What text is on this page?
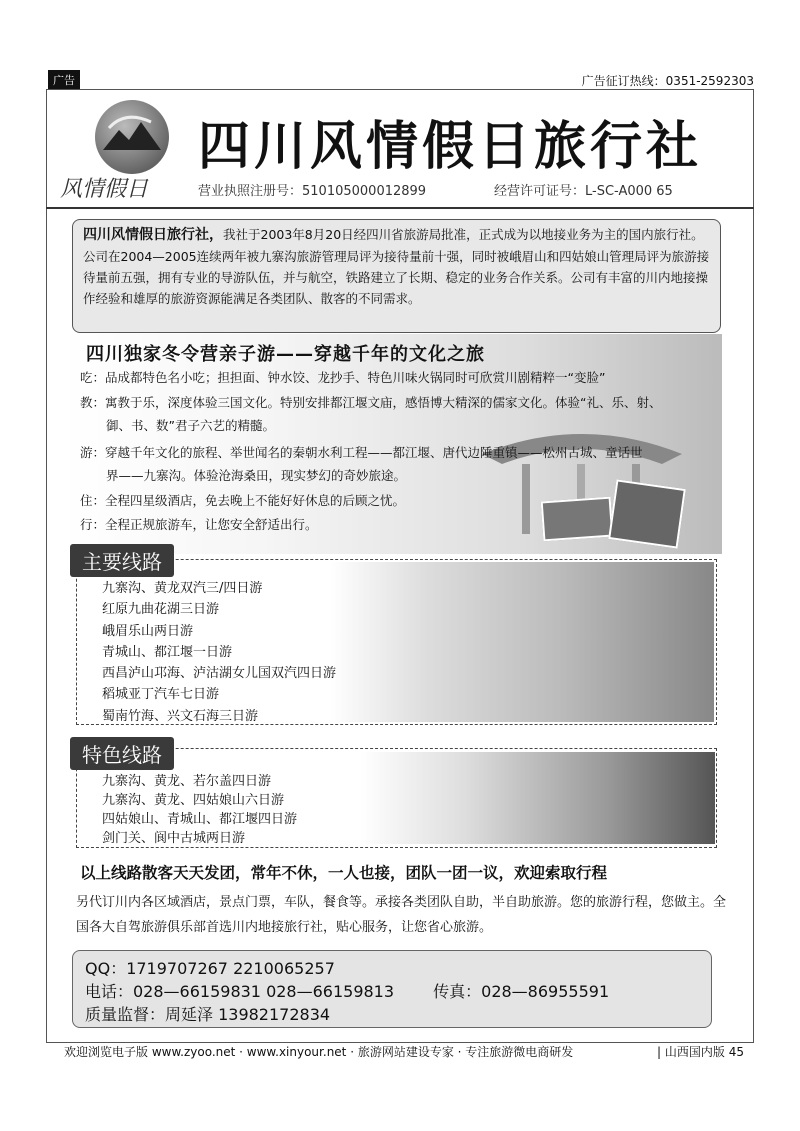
广告	广告征订热线：0351-2592303
风情假日
四川风情假日旅行社
营业执照注册号：510105000012899	经营许可证号：L-SC-A000 65
四川风情假日旅行社，我社于2003年8月20日经四川省旅游局批准，正式成为以地接业务为主的国内旅行社。公司在2004—2005连续两年被九寨沟旅游管理局评为接待量前十强，同时被峨眉山和四姑娘山管理局评为旅游接待量前五强，拥有专业的导游队伍，并与航空，铁路建立了长期、稳定的业务合作关系。公司有丰富的川内地接操作经验和雄厚的旅游资源能满足各类团队、散客的不同需求。
四川独家冬令营亲子游——穿越千年的文化之旅
吃：品成都特色名小吃；担担面、钟水饺、龙抄手、特色川味火锅同时可欣赏川剧精粹一“变脸”
教：寓教于乐，深度体验三国文化。特别安排都江堰文庙，感悟博大精深的儒家文化。体验“礼、乐、射、
御、书、数”君子六艺的精髓。
游：穿越千年文化的旅程、举世闻名的秦朝水利工程——都江堰、唐代边陲重镇——松州古城、童话世
界——九寨沟。体验沧海桑田，现实梦幻的奇妙旅途。
住：全程四星级酒店，免去晚上不能好好休息的后顾之忧。
行：全程正规旅游车，让您安全舒适出行。
主要线路
九寨沟、黄龙双汽三/四日游
红原九曲花湖三日游
峨眉乐山两日游
青城山、都江堰一日游
西昌泸山邛海、泸沽湖女儿国双汽四日游
稻城亚丁汽车七日游
蜀南竹海、兴文石海三日游
特色线路
九寨沟、黄龙、若尔盖四日游
九寨沟、黄龙、四姑娘山六日游
四姑娘山、青城山、都江堰四日游
剑门关、阆中古城两日游
以上线路散客天天发团，常年不休，一人也接，团队一团一议，欢迎索取行程
另代订川内各区域酒店，景点门票，车队，餐食等。承接各类团队自助，半自助旅游。您的旅游行程，您做主。全国各大自驾旅游俱乐部首选川内地接旅行社，贴心服务，让您省心旅游。
QQ：1719707267 2210065257
电话：028—66159831 028—66159813 传真：028—86955591
质量监督：周延泽 13982172834
欢迎浏览电子版 www.zyoo.net · www.xinyour.net · 旅游网站建设专家 · 专注旅游微电商研发	| 山西国内版 45
